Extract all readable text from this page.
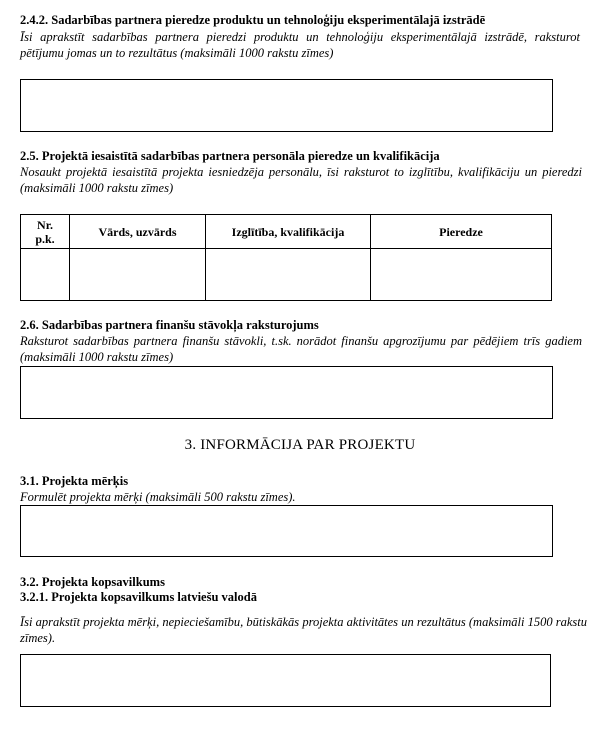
2.4.2. Sadarbības partnera pieredze produktu un tehnoloģiju eksperimentālajā izstrādē
Īsi aprakstīt sadarbības partnera pieredzi produktu un tehnoloģiju eksperimentālajā izstrādē, raksturot pētījumu jomas un to rezultātus (maksimāli 1000 rakstu zīmes)
2.5. Projektā iesaistītā sadarbības partnera personāla pieredze un kvalifikācija
Nosaukt projektā iesaistītā projekta iesniedzēja personālu, īsi raksturot to izglītību, kvalifikāciju un pieredzi (maksimāli 1000 rakstu zīmes)
Nr. p.k.	Vārds, uzvārds	Izglītība, kvalifikācija	Pieredze

2.6. Sadarbības partnera finanšu stāvokļa raksturojums
Raksturot sadarbības partnera finanšu stāvokli, t.sk. norādot finanšu apgrozījumu par pēdējiem trīs gadiem (maksimāli 1000 rakstu zīmes)
3. INFORMĀCIJA PAR PROJEKTU
3.1. Projekta mērķis
Formulēt projekta mērķi (maksimāli 500 rakstu zīmes).
3.2. Projekta kopsavilkums
3.2.1. Projekta kopsavilkums latviešu valodā
Īsi aprakstīt projekta mērķi, nepieciešamību, būtiskākās projekta aktivitātes un rezultātus (maksimāli 1500 rakstu zīmes).
